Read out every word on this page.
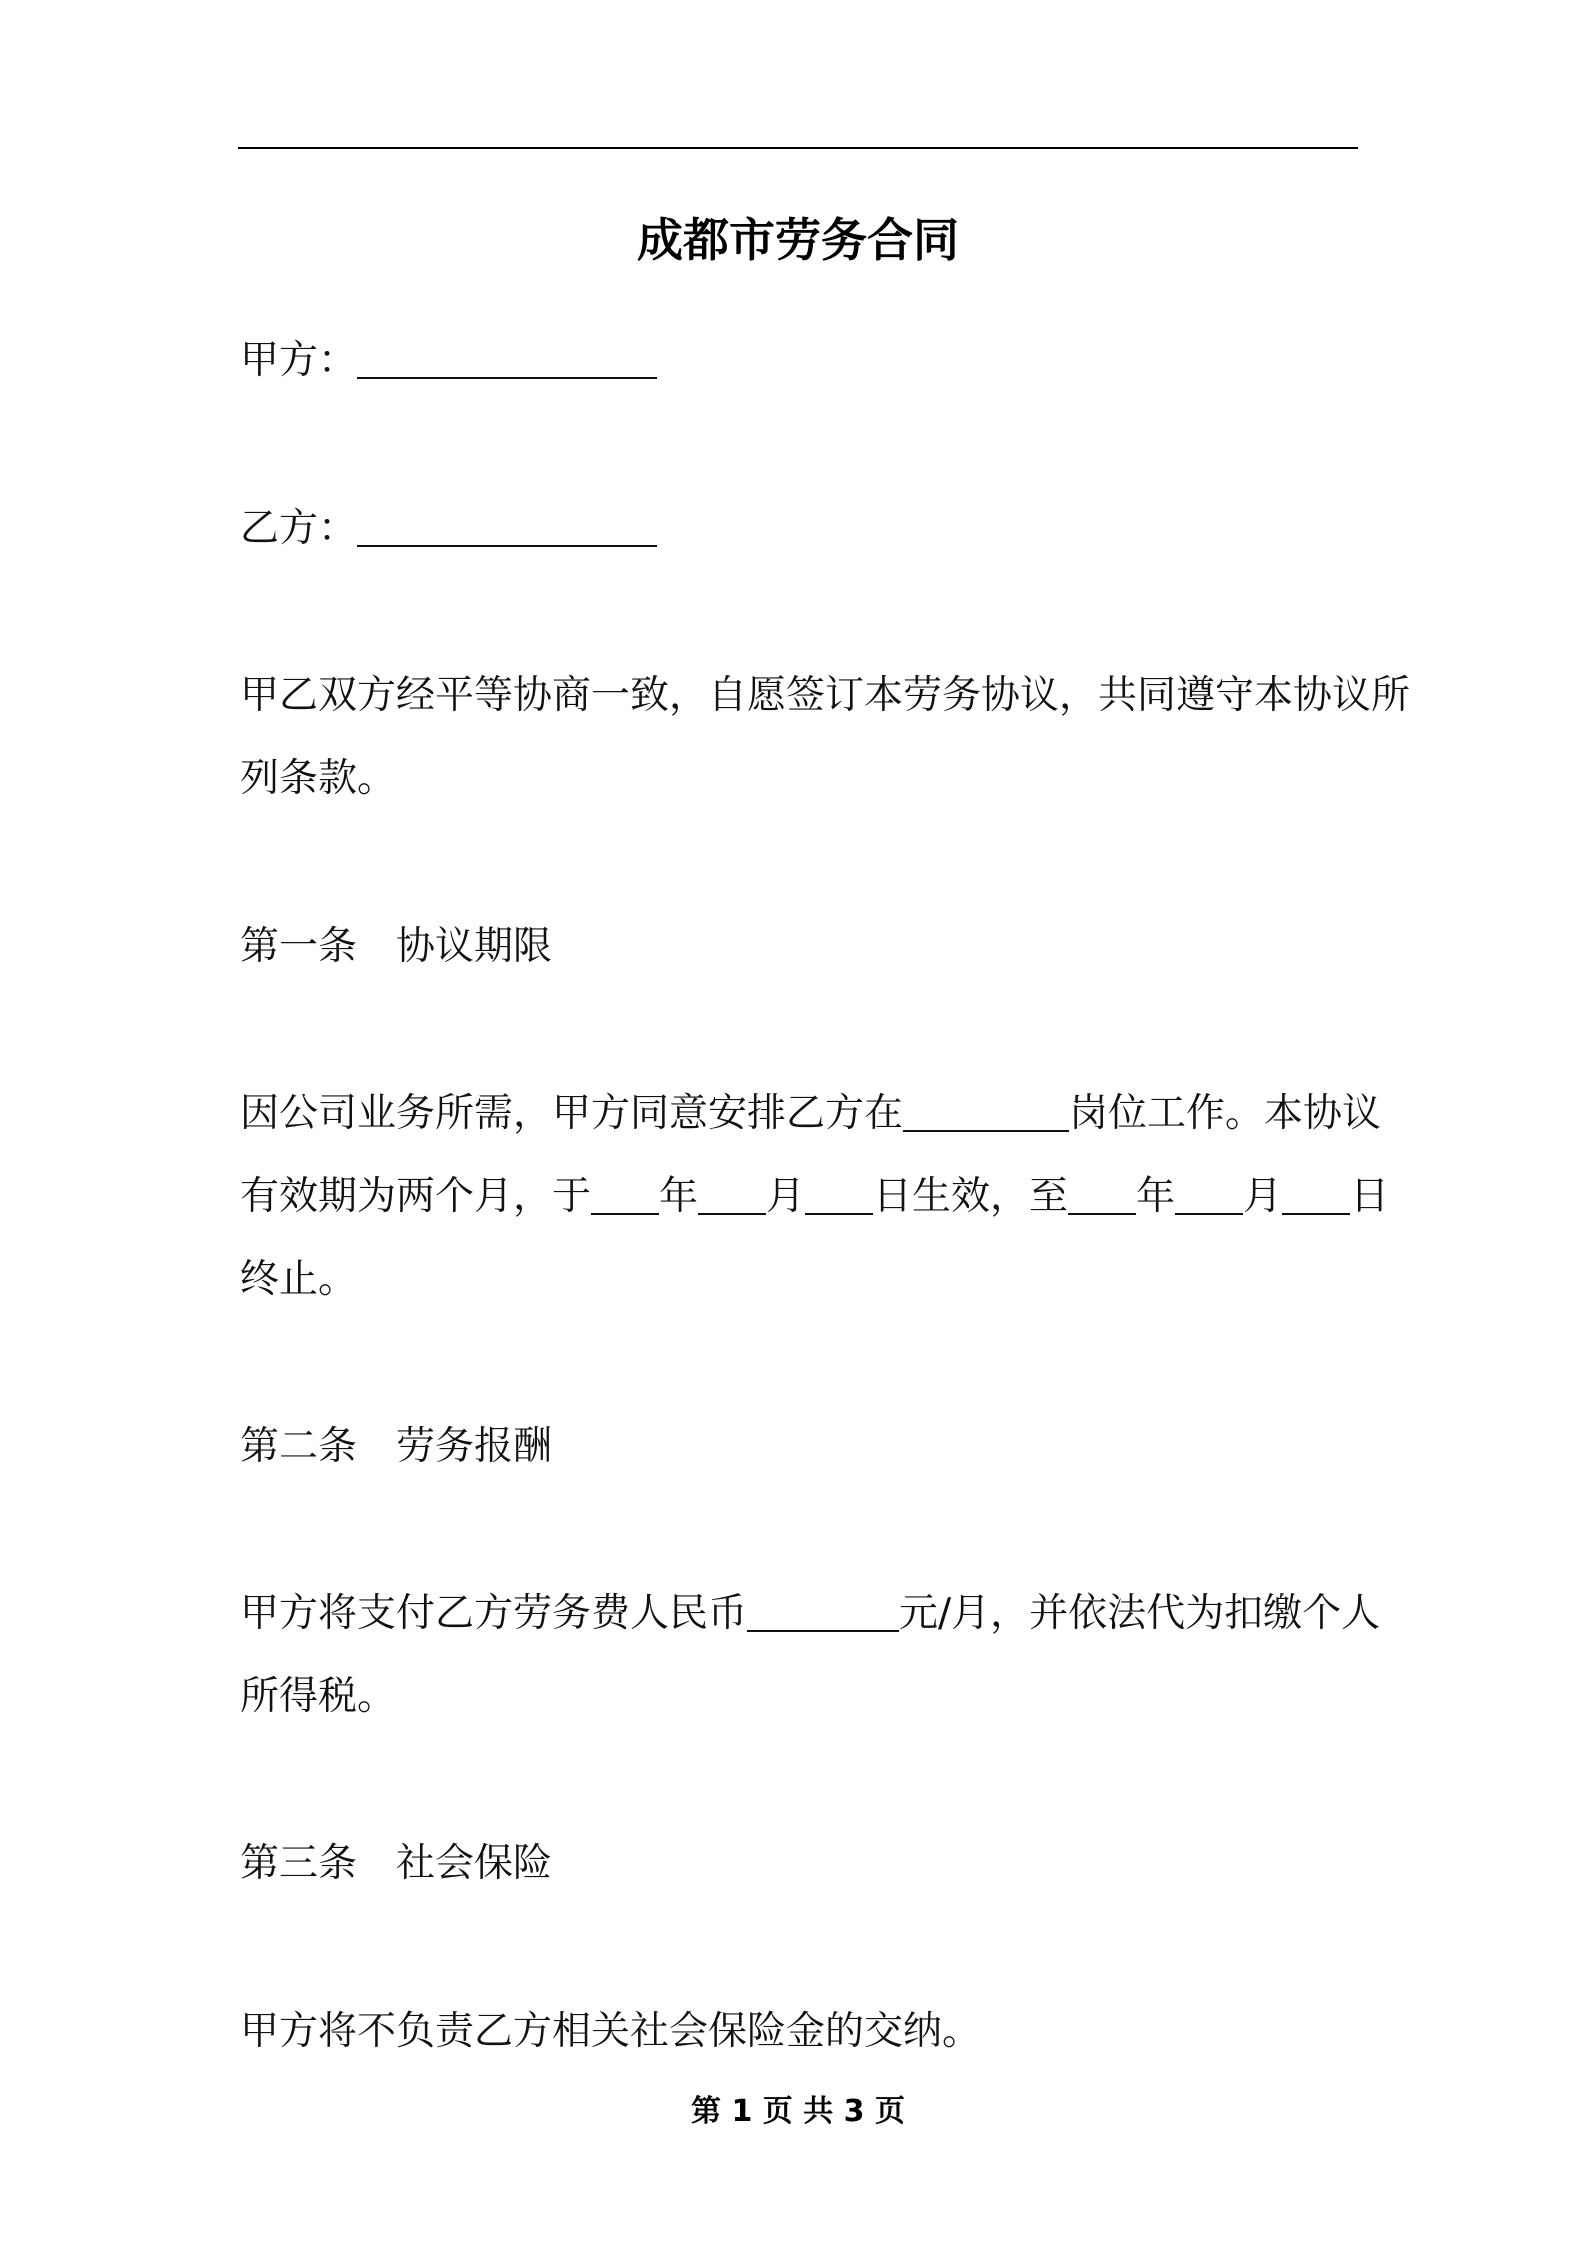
成都市劳务合同
甲方：
乙方：
甲乙双方经平等协商一致，自愿签订本劳务协议，共同遵守本协议所
列条款。
第一条　协议期限
因公司业务所需，甲方同意安排乙方在	岗位工作。本协议
有效期为两个月，于 年 月 日生效，至 年 月 日
终止。
第二条　劳务报酬
甲方将支付乙方劳务费人民币	元/月，并依法代为扣缴个人
所得税。
第三条　社会保险
甲方将不负责乙方相关社会保险金的交纳。
第 1 页 共 3 页
